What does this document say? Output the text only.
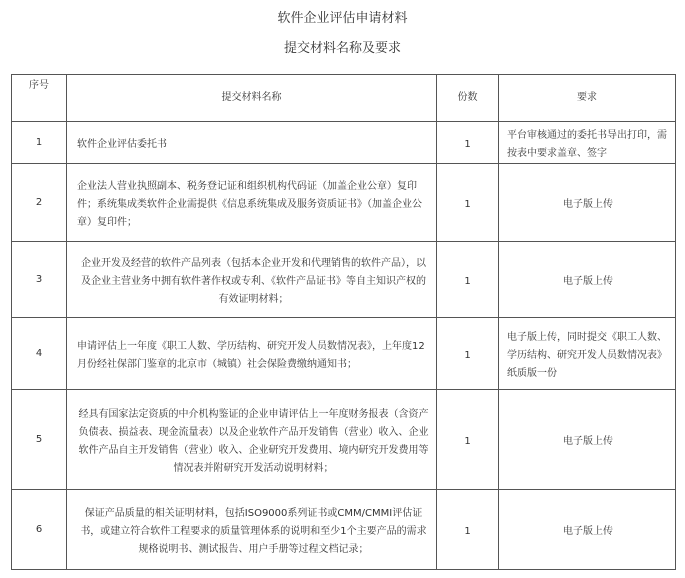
软件企业评估申请材料
提交材料名称及要求
序号	提交材料名称	份数	要求
1	软件企业评估委托书	1	平台审核通过的委托书导出打印，需按表中要求盖章、签字

2	企业法人营业执照副本、税务登记证和组织机构代码证（加盖企业公章）复印件；系统集成类软件企业需提供《信息系统集成及服务资质证书》（加盖企业公章）复印件；	1	电子版上传

3	企业开发及经营的软件产品列表（包括本企业开发和代理销售的软件产品），以及企业主营业务中拥有软件著作权或专利、《软件产品证书》等自主知识产权的有效证明材料；	1	电子版上传

4	申请评估上一年度《职工人数、学历结构、研究开发人员数情况表》，上年度12月份经社保部门鉴章的北京市（城镇）社会保险费缴纳通知书；	1	电子版上传，同时提交《职工人数、学历结构、研究开发人员数情况表》纸质版一份

5	经具有国家法定资质的中介机构鉴证的企业申请评估上一年度财务报表（含资产负债表、损益表、现金流量表）以及企业软件产品开发销售（营业）收入、企业软件产品自主开发销售（营业）收入、企业研究开发费用、境内研究开发费用等情况表并附研究开发活动说明材料；	1	电子版上传

6	保证产品质量的相关证明材料，包括ISO9000系列证书或CMM/CMMI评估证书，或建立符合软件工程要求的质量管理体系的说明和至少1个主要产品的需求规格说明书、测试报告、用户手册等过程文档记录；	1	电子版上传
